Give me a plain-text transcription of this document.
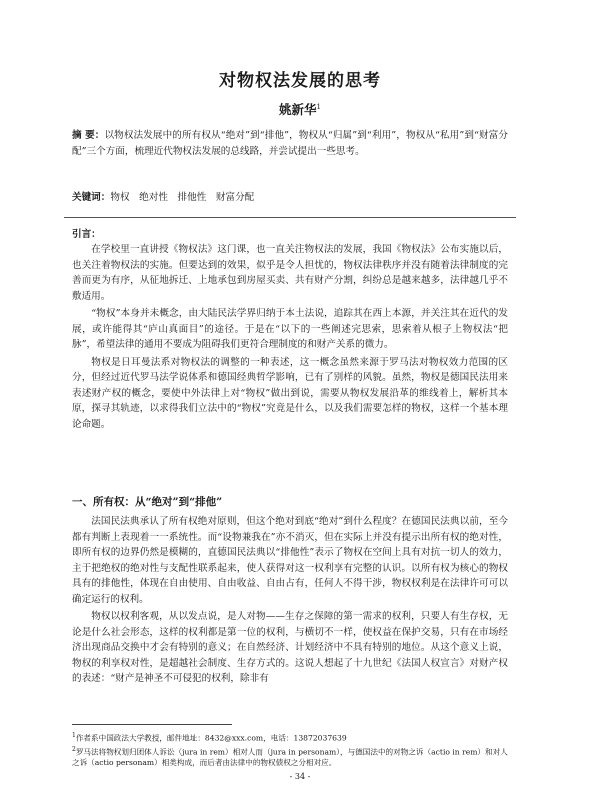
对物权法发展的思考
姚新华$^1$
摘 要：以物权法发展中的所有权从“绝对”到“排他”，物权从“归属”到“利用”，物权从“私用”到“财富分配”三个方面，梳理近代物权法发展的总线路，并尝试提出一些思考。
关键词：物权　绝对性　排他性　财富分配
引言：

在学校里一直讲授《物权法》这门课，也一直关注物权法的发展，我国《物权法》公布实施以后，也关注着物权法的实施。但要达到的效果，似乎是令人担忧的，物权法律秩序并没有随着法律制度的完善而更为有序，从征地拆迁、上地承包到房屋买卖、共有财产分割，纠纷总是越来越多，法律越几乎不敷适用。

“物权”本身并未概念，由大陆民法学界归纳于本土法说，追踪其在西上本源，并关注其在近代的发展，或许能得其“庐山真面目”的途径。于是在“以下的一些阐述完思索，思索着从根子上物权法“把脉”，希望法律的通用不要成为阻碍我们更符合理制度的和财产关系的微力。

物权是日耳曼法系对物权法的调整的一种表述，这一概念虽然来源于罗马法对物权效力范围的区分，但经过近代罗马法学说体系和德国经典哲学影响，已有了别样的风貌。虽然，物权是德国民法用来表述财产权的概念，要使中外法律上对“物权”做出到说，需要从物权发展沿革的维线着上，解析其本原，探寻其轨迹，以求得我们立法中的“物权”究竟是什么，以及我们需要怎样的物权，这样一个基本理论命题。

一、所有权：从“绝对”到“排他”

法国民法典承认了所有权绝对原则，但这个绝对到底“绝对”到什么程度？在德国民法典以前，至今都有判断上表现着一一系统性。而“设物兼我在”亦不消灭，但在实际上并没有提示出所有权的绝对性，即所有权的边界仍然是模糊的，直德国民法典以“排他性”表示了物权在空间上具有对抗一切人的效力，主于把绝权的绝对性与支配性联系起来，使人获得对这一权利享有完整的认识。以所有权为核心的物权具有的排他性，体现在自由使用、自由收益、自由占有，任何人不得干涉，物权权利是在法律许可可以确定运行的权利。

物权以权利客观，从以发点说，是人对物——生存之保障的第一需求的权利，只要人有生存权，无论是什么社会形态，这样的权利都是第一位的权利，与横切不一样，使权益在保护交易，只有在市场经济出现商品交换中才会有特别的意义；在自然经济、计划经济中不具有特别的地位。从这个意义上说，物权的利享权对性，是超越社会制度、生存方式的。这说人想起了十九世纪《法国人权宣言》对财产权的表述：“财产是神圣不可侵犯的权利，除非有

$^1$作者系中国政法大学教授，邮件地址：8432@xxx.com，电话：13872037639
$^2$罗马法将物权划归团体人诉讼（jura in rem）相对人而（jura in personam），与德国法中的对物之诉（actio in rem）和对人之诉（actio personam）相类构成，而后者由法律中的物权债权之分相对应。
- 34 -
